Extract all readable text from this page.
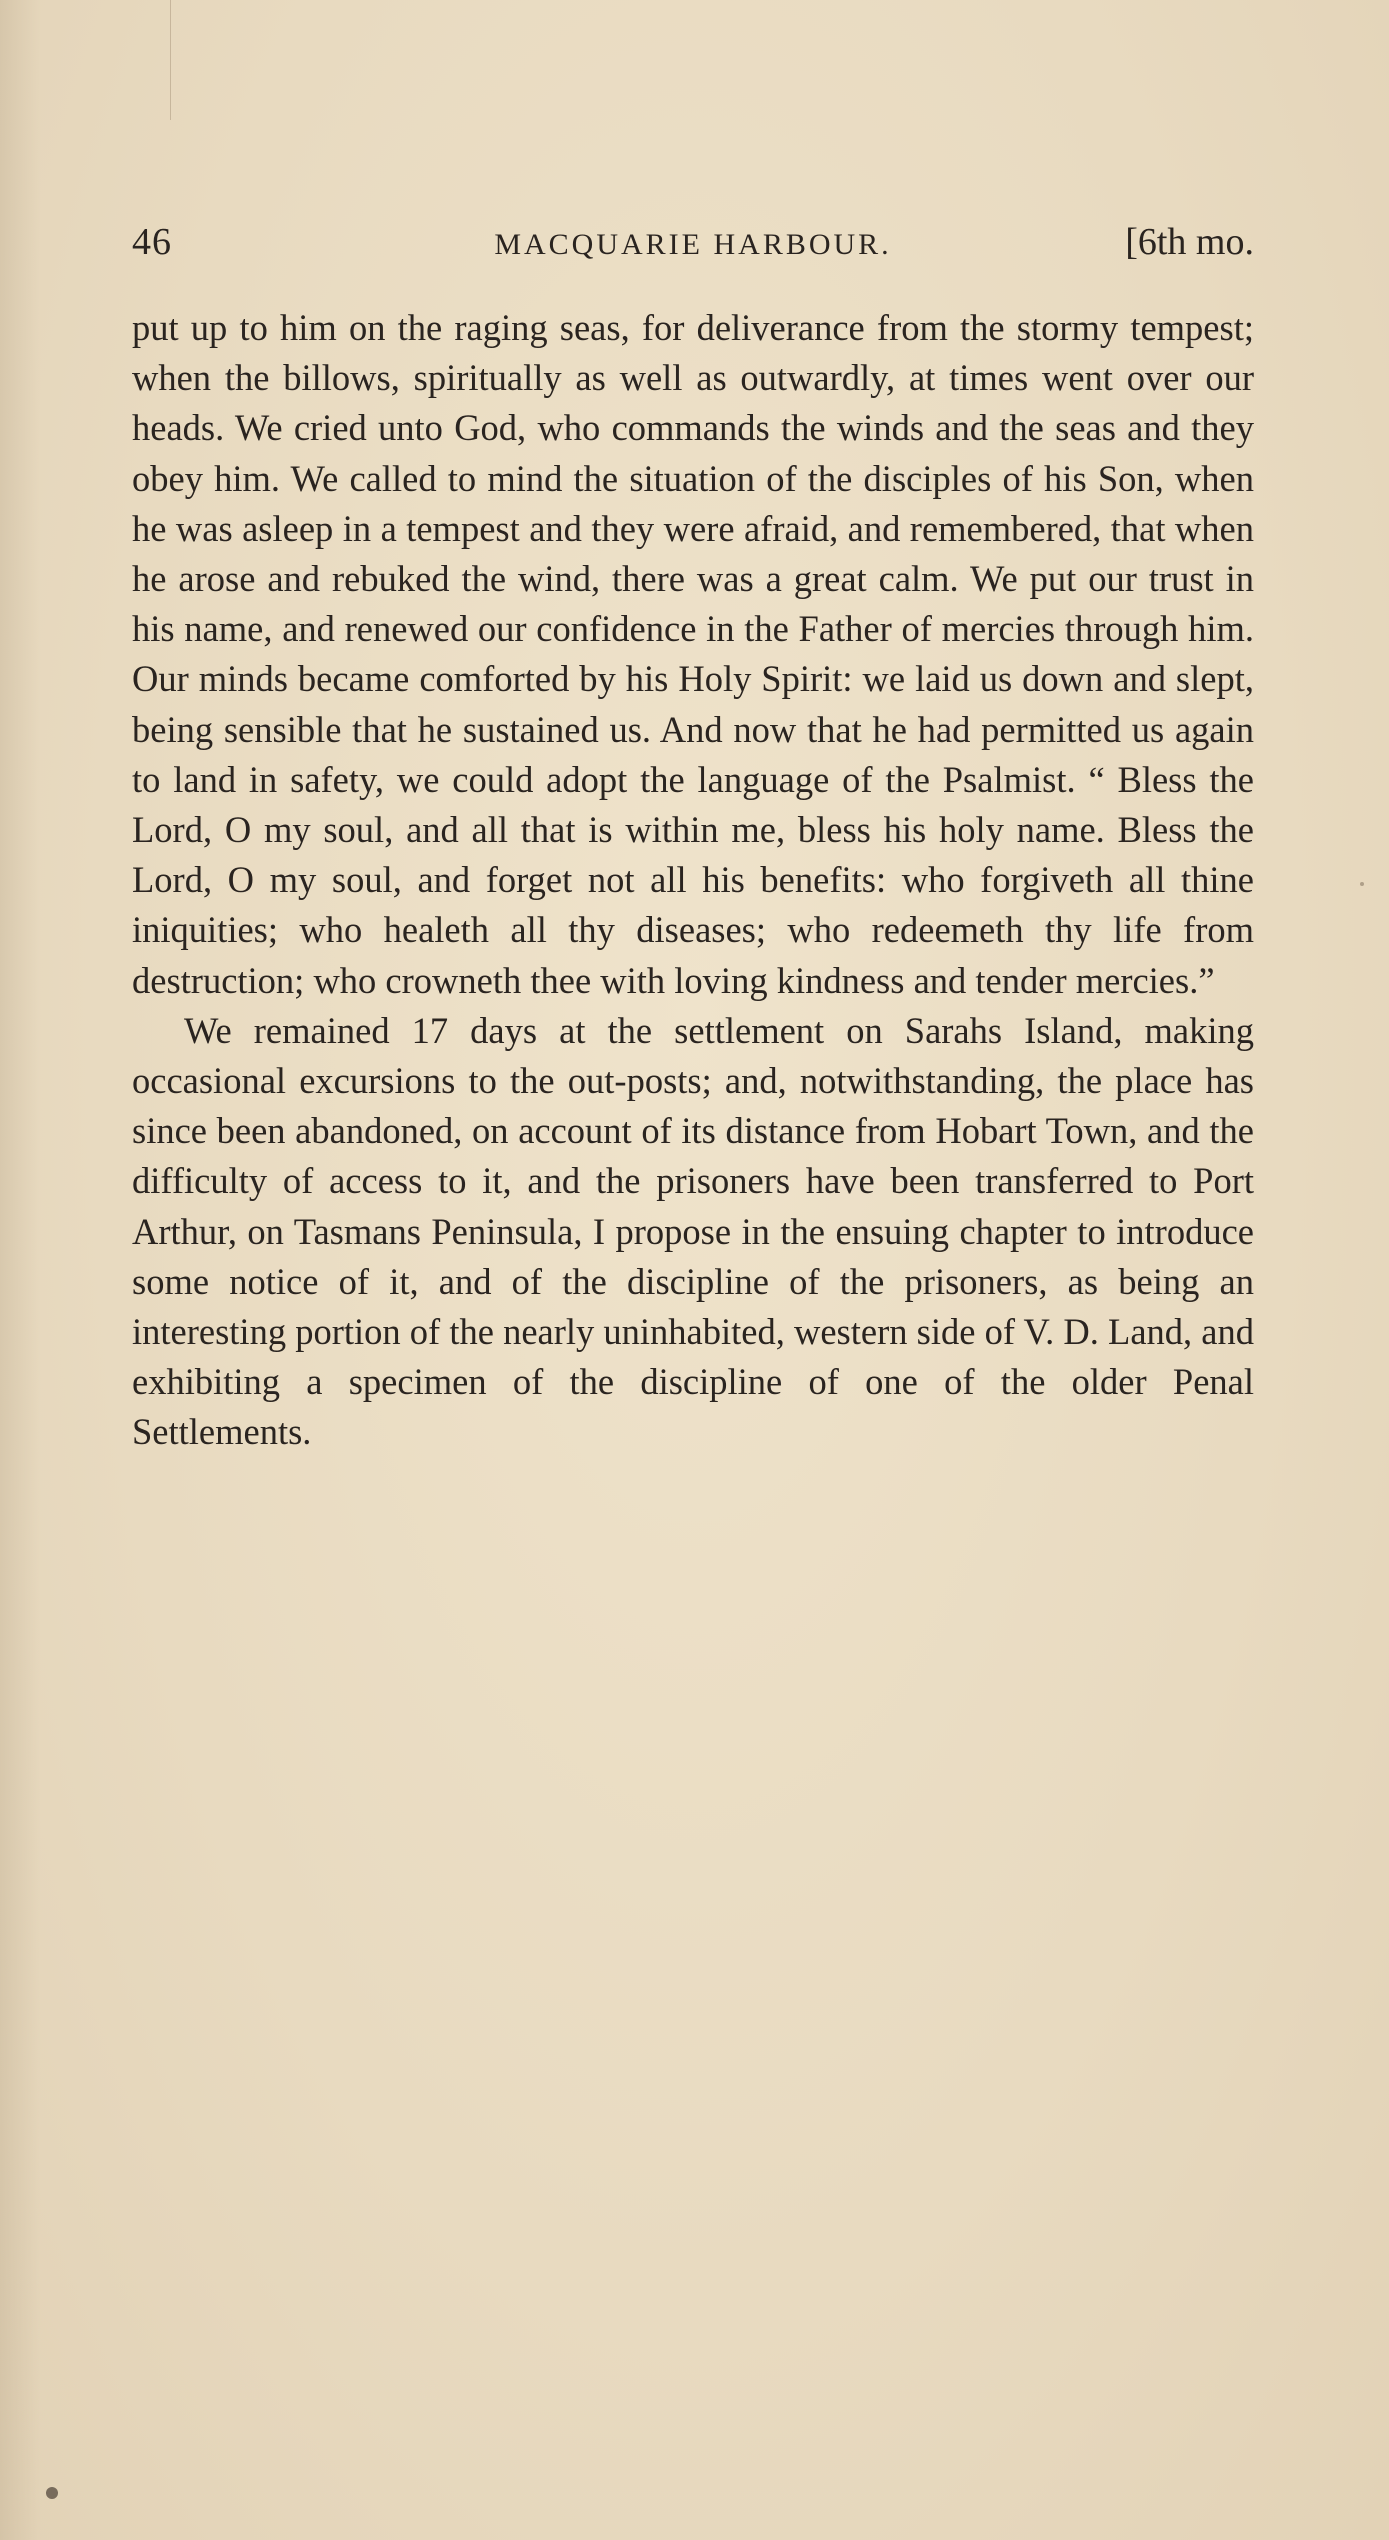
46	MACQUARIE HARBOUR.	[6th mo.

put up to him on the raging seas, for deliverance from the stormy tempest; when the billows, spiritually as well as outwardly, at times went over our heads. We cried unto God, who commands the winds and the seas and they obey him. We called to mind the situation of the disciples of his Son, when he was asleep in a tempest and they were afraid, and remembered, that when he arose and rebuked the wind, there was a great calm. We put our trust in his name, and renewed our confidence in the Father of mercies through him. Our minds became comforted by his Holy Spirit: we laid us down and slept, being sensible that he sustained us. And now that he had permitted us again to land in safety, we could adopt the language of the Psalmist. “ Bless the Lord, O my soul, and all that is within me, bless his holy name. Bless the Lord, O my soul, and forget not all his benefits: who forgiveth all thine iniquities; who healeth all thy diseases; who redeemeth thy life from destruction; who crowneth thee with loving kindness and tender mercies.”

We remained 17 days at the settlement on Sarahs Island, making occasional excursions to the out-posts; and, notwithstanding, the place has since been abandoned, on account of its distance from Hobart Town, and the difficulty of access to it, and the prisoners have been transferred to Port Arthur, on Tasmans Peninsula, I propose in the ensuing chapter to introduce some notice of it, and of the discipline of the prisoners, as being an interesting portion of the nearly uninhabited, western side of V. D. Land, and exhibiting a specimen of the discipline of one of the older Penal Settlements.
